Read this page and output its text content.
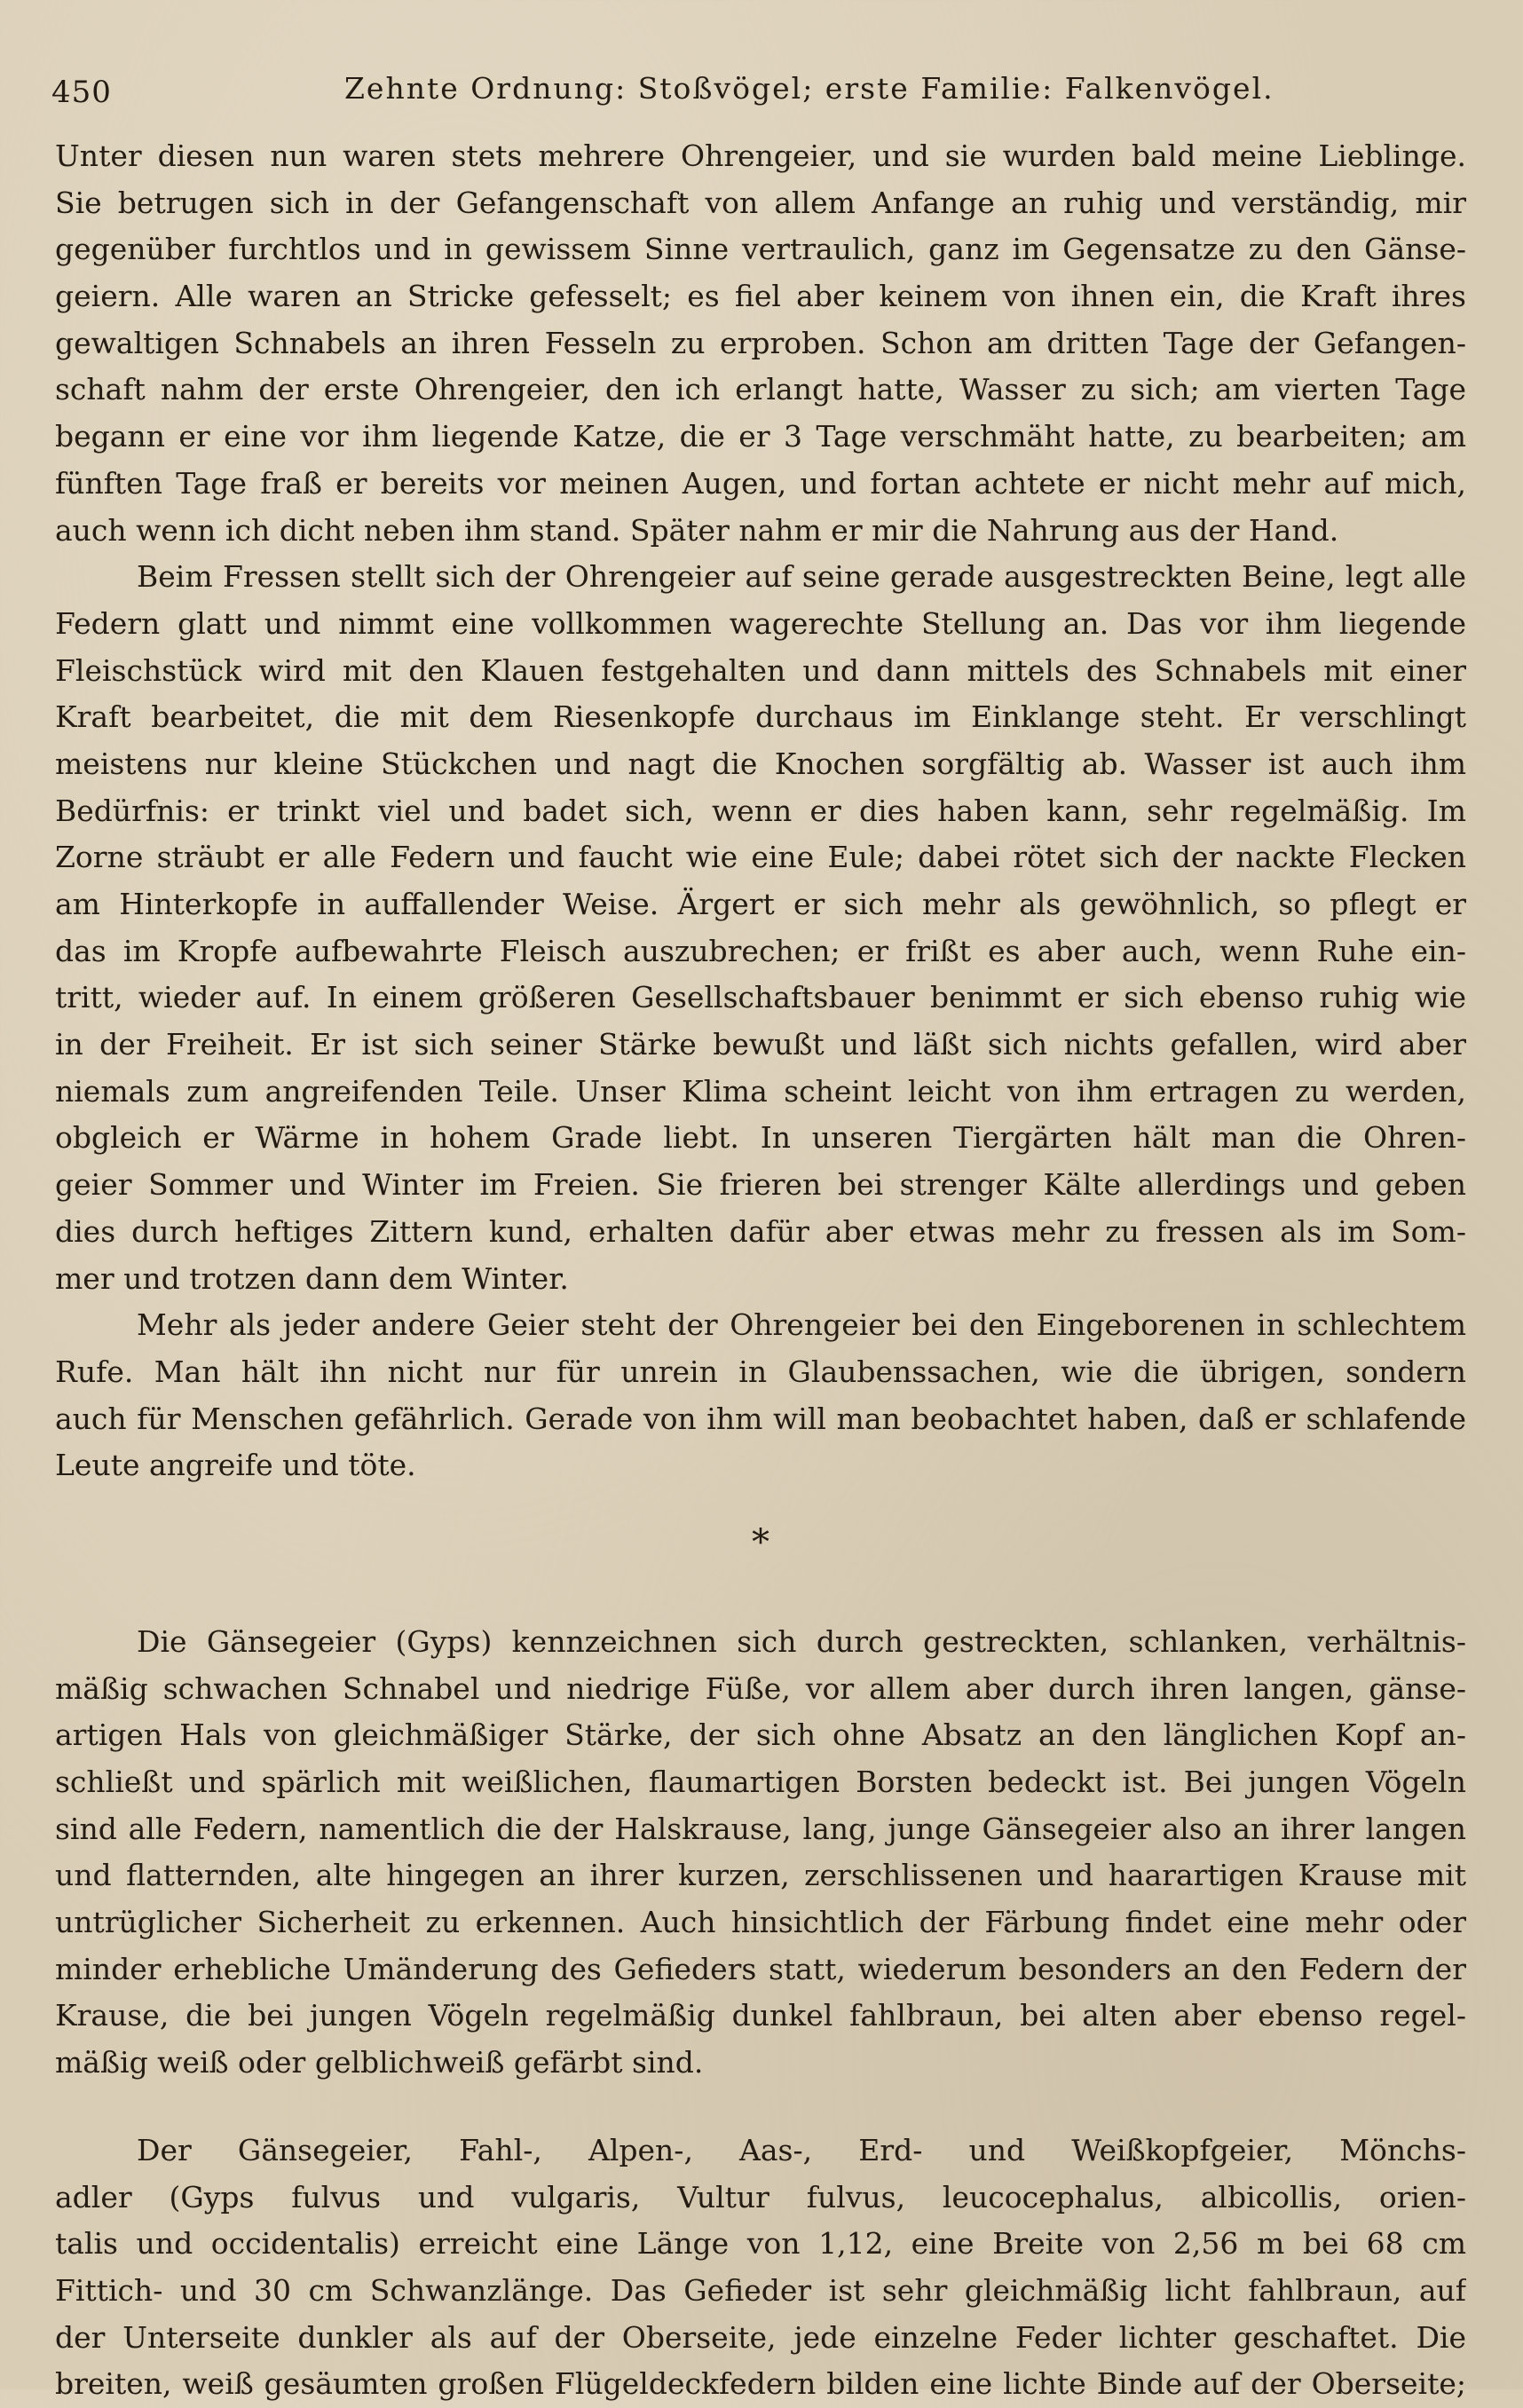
450	Zehnte Ordnung: Stoßvögel; erste Familie: Falkenvögel.
Unter diesen nun waren stets mehrere Ohrengeier, und sie wurden bald meine Lieblinge.
Sie betrugen sich in der Gefangenschaft von allem Anfange an ruhig und verständig, mir
gegenüber furchtlos und in gewissem Sinne vertraulich, ganz im Gegensatze zu den Gänse-
geiern. Alle waren an Stricke gefesselt; es fiel aber keinem von ihnen ein, die Kraft ihres
gewaltigen Schnabels an ihren Fesseln zu erproben. Schon am dritten Tage der Gefangen-
schaft nahm der erste Ohrengeier, den ich erlangt hatte, Wasser zu sich; am vierten Tage
begann er eine vor ihm liegende Katze, die er 3 Tage verschmäht hatte, zu bearbeiten; am
fünften Tage fraß er bereits vor meinen Augen, und fortan achtete er nicht mehr auf mich,
auch wenn ich dicht neben ihm stand. Später nahm er mir die Nahrung aus der Hand.
Beim Fressen stellt sich der Ohrengeier auf seine gerade ausgestreckten Beine, legt alle
Federn glatt und nimmt eine vollkommen wagerechte Stellung an. Das vor ihm liegende
Fleischstück wird mit den Klauen festgehalten und dann mittels des Schnabels mit einer
Kraft bearbeitet, die mit dem Riesenkopfe durchaus im Einklange steht. Er verschlingt
meistens nur kleine Stückchen und nagt die Knochen sorgfältig ab. Wasser ist auch ihm
Bedürfnis: er trinkt viel und badet sich, wenn er dies haben kann, sehr regelmäßig. Im
Zorne sträubt er alle Federn und faucht wie eine Eule; dabei rötet sich der nackte Flecken
am Hinterkopfe in auffallender Weise. Ärgert er sich mehr als gewöhnlich, so pflegt er
das im Kropfe aufbewahrte Fleisch auszubrechen; er frißt es aber auch, wenn Ruhe ein-
tritt, wieder auf. In einem größeren Gesellschaftsbauer benimmt er sich ebenso ruhig wie
in der Freiheit. Er ist sich seiner Stärke bewußt und läßt sich nichts gefallen, wird aber
niemals zum angreifenden Teile. Unser Klima scheint leicht von ihm ertragen zu werden,
obgleich er Wärme in hohem Grade liebt. In unseren Tiergärten hält man die Ohren-
geier Sommer und Winter im Freien. Sie frieren bei strenger Kälte allerdings und geben
dies durch heftiges Zittern kund, erhalten dafür aber etwas mehr zu fressen als im Som-
mer und trotzen dann dem Winter.
Mehr als jeder andere Geier steht der Ohrengeier bei den Eingeborenen in schlechtem
Rufe. Man hält ihn nicht nur für unrein in Glaubenssachen, wie die übrigen, sondern
auch für Menschen gefährlich. Gerade von ihm will man beobachtet haben, daß er schlafende
Leute angreife und töte.
*
Die Gänsegeier (Gyps) kennzeichnen sich durch gestreckten, schlanken, verhältnis-
mäßig schwachen Schnabel und niedrige Füße, vor allem aber durch ihren langen, gänse-
artigen Hals von gleichmäßiger Stärke, der sich ohne Absatz an den länglichen Kopf an-
schließt und spärlich mit weißlichen, flaumartigen Borsten bedeckt ist. Bei jungen Vögeln
sind alle Federn, namentlich die der Halskrause, lang, junge Gänsegeier also an ihrer langen
und flatternden, alte hingegen an ihrer kurzen, zerschlissenen und haarartigen Krause mit
untrüglicher Sicherheit zu erkennen. Auch hinsichtlich der Färbung findet eine mehr oder
minder erhebliche Umänderung des Gefieders statt, wiederum besonders an den Federn der
Krause, die bei jungen Vögeln regelmäßig dunkel fahlbraun, bei alten aber ebenso regel-
mäßig weiß oder gelblichweiß gefärbt sind.
Der Gänsegeier, Fahl-, Alpen-, Aas-, Erd- und Weißkopfgeier, Mönchs-
adler (Gyps fulvus und vulgaris, Vultur fulvus, leucocephalus, albicollis, orien-
talis und occidentalis) erreicht eine Länge von 1,12, eine Breite von 2,56 m bei 68 cm
Fittich- und 30 cm Schwanzlänge. Das Gefieder ist sehr gleichmäßig licht fahlbraun, auf
der Unterseite dunkler als auf der Oberseite, jede einzelne Feder lichter geschaftet. Die
breiten, weiß gesäumten großen Flügeldeckfedern bilden eine lichte Binde auf der Oberseite;
